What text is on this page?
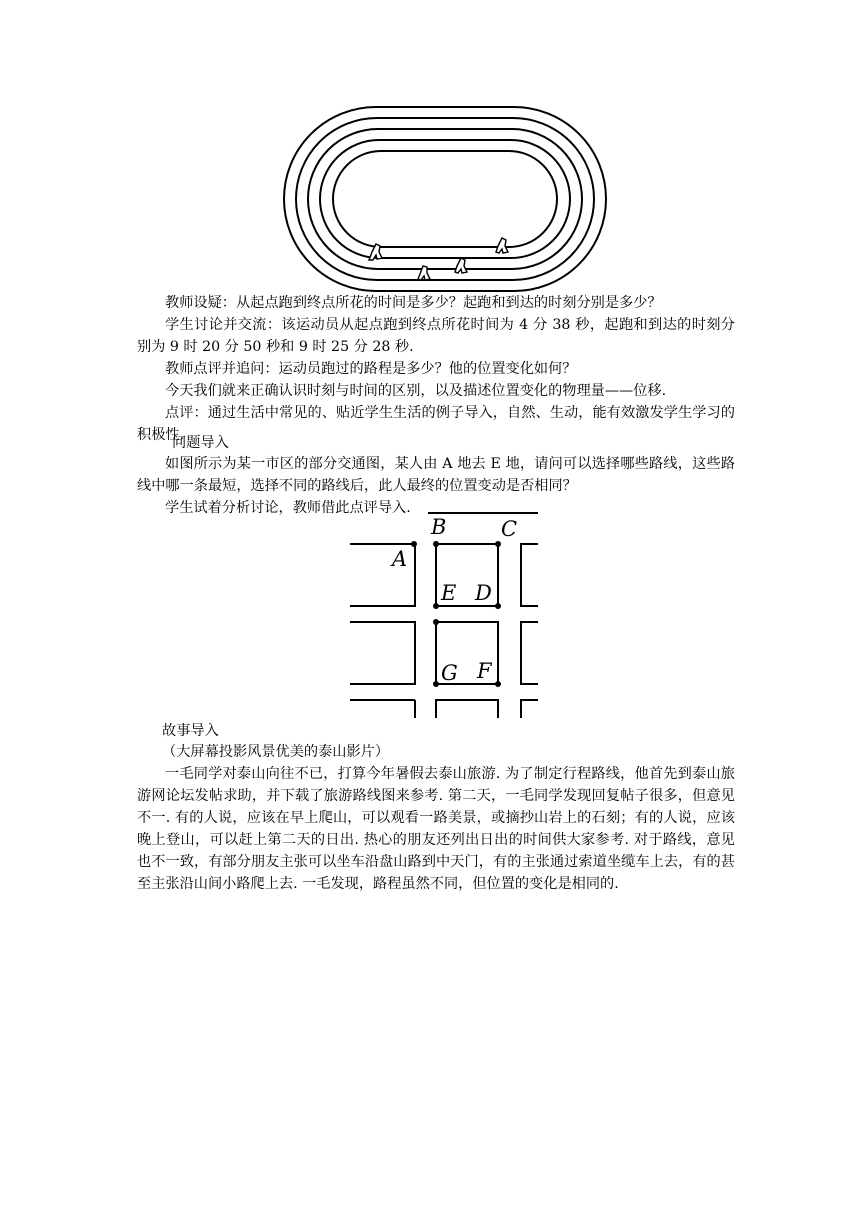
教师设疑：从起点跑到终点所花的时间是多少？起跑和到达的时刻分别是多少？

学生讨论并交流：该运动员从起点跑到终点所花时间为 4 分 38 秒，起跑和到达的时刻分别为 9 时 20 分 50 秒和 9 时 25 分 28 秒.

教师点评并追问：运动员跑过的路程是多少？他的位置变化如何？

今天我们就来正确认识时刻与时间的区别，以及描述位置变化的物理量——位移.

点评：通过生活中常见的、贴近学生生活的例子导入，自然、生动，能有效激发学生学习的积极性.

问题导入

如图所示为某一市区的部分交通图，某人由 A 地去 E 地，请问可以选择哪些路线，这些路线中哪一条最短，选择不同的路线后，此人最终的位置变动是否相同？

学生试着分析讨论，教师借此点评导入.

A
B	C
E D
G F

故事导入

（大屏幕投影风景优美的泰山影片）

一毛同学对泰山向往不已，打算今年暑假去泰山旅游. 为了制定行程路线，他首先到泰山旅游网论坛发帖求助，并下载了旅游路线图来参考. 第二天，一毛同学发现回复帖子很多，但意见不一. 有的人说，应该在早上爬山，可以观看一路美景，或摘抄山岩上的石刻；有的人说，应该晚上登山，可以赶上第二天的日出. 热心的朋友还列出日出的时间供大家参考. 对于路线，意见也不一致，有部分朋友主张可以坐车沿盘山路到中天门，有的主张通过索道坐缆车上去，有的甚至主张沿山间小路爬上去. 一毛发现，路程虽然不同，但位置的变化是相同的.
